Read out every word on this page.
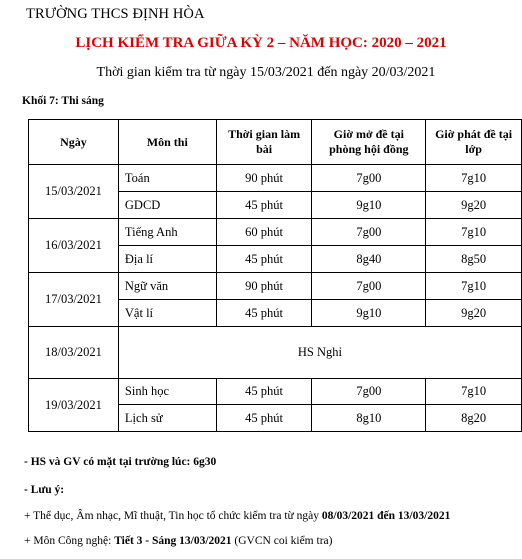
TRƯỜNG THCS ĐỊNH HÒA
LỊCH KIỂM TRA GIỮA KỲ 2 – NĂM HỌC: 2020 – 2021
Thời gian kiểm tra từ ngày 15/03/2021 đến ngày 20/03/2021
Khối 7: Thi sáng
Ngày	Môn thi	Thời gian làm bài	Giờ mở đề tại phòng hội đồng	Giờ phát đề tại lớp
15/03/2021	Toán	90 phút	7g00	7g10
	GDCD	45 phút	9g10	9g20
16/03/2021	Tiếng Anh	60 phút	7g00	7g10
	Địa lí	45 phút	8g40	8g50
17/03/2021	Ngữ văn	90 phút	7g00	7g10
	Vật lí	45 phút	9g10	9g20
18/03/2021	HS Nghỉ			
19/03/2021	Sinh học	45 phút	7g00	7g10
	Lịch sử	45 phút	8g10	8g20
- HS và GV có mặt tại trường lúc: 6g30
- Lưu ý:
+ Thể dục, Âm nhạc, Mĩ thuật, Tin học tổ chức kiểm tra từ ngày 08/03/2021 đến 13/03/2021
+ Môn Công nghệ: Tiết 3 - Sáng 13/03/2021 (GVCN coi kiểm tra)
